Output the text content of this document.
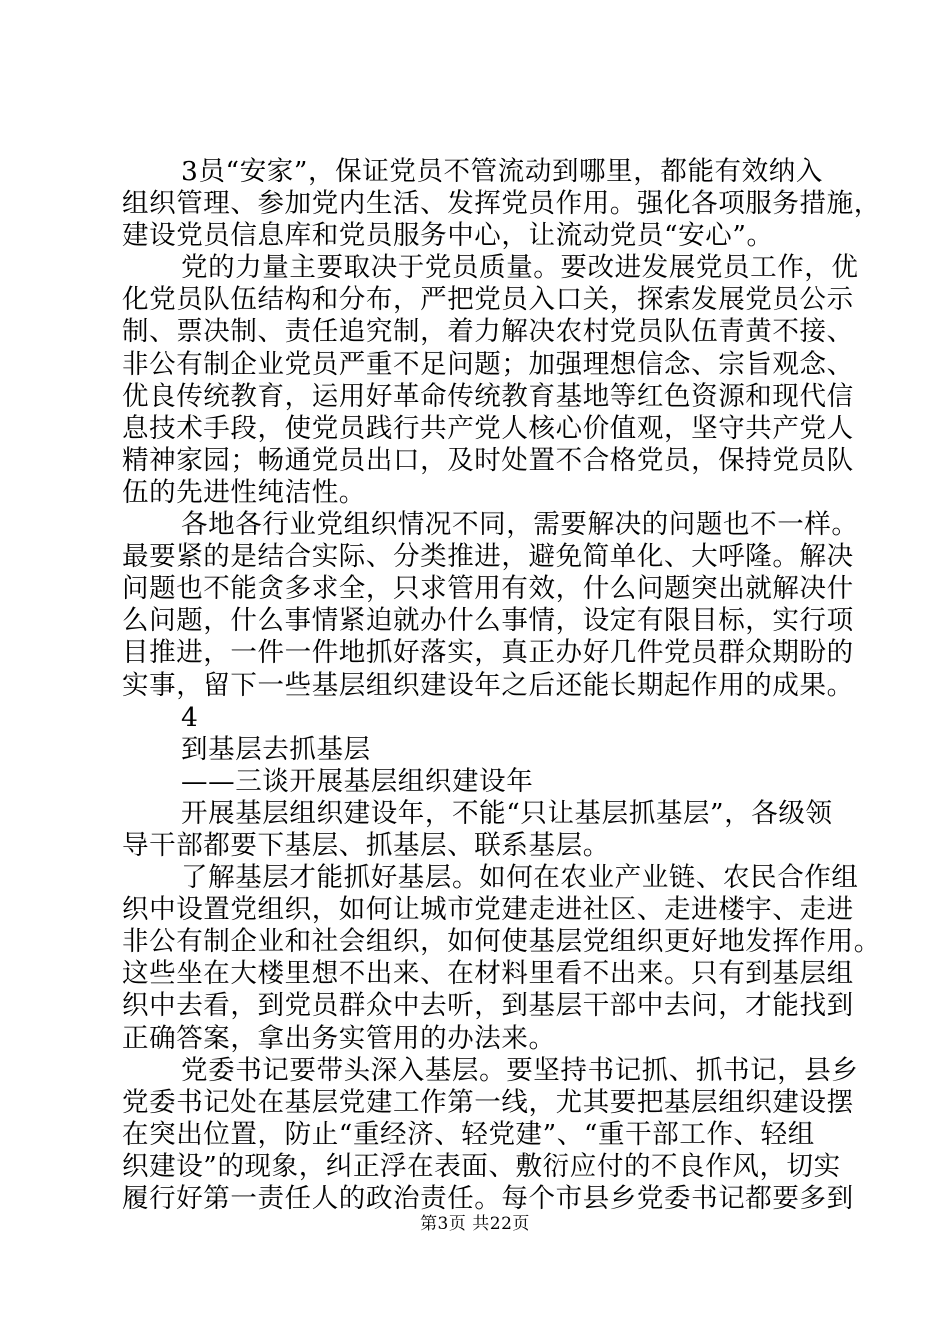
3员“安家”，保证党员不管流动到哪里，都能有效纳入
组织管理、参加党内生活、发挥党员作用。强化各项服务措施，
建设党员信息库和党员服务中心，让流动党员“安心”。
党的力量主要取决于党员质量。要改进发展党员工作，优
化党员队伍结构和分布，严把党员入口关，探索发展党员公示
制、票决制、责任追究制，着力解决农村党员队伍青黄不接、
非公有制企业党员严重不足问题；加强理想信念、宗旨观念、
优良传统教育，运用好革命传统教育基地等红色资源和现代信
息技术手段，使党员践行共产党人核心价值观，坚守共产党人
精神家园；畅通党员出口，及时处置不合格党员，保持党员队
伍的先进性纯洁性。
各地各行业党组织情况不同，需要解决的问题也不一样。
最要紧的是结合实际、分类推进，避免简单化、大呼隆。解决
问题也不能贪多求全，只求管用有效，什么问题突出就解决什
么问题，什么事情紧迫就办什么事情，设定有限目标，实行项
目推进，一件一件地抓好落实，真正办好几件党员群众期盼的
实事，留下一些基层组织建设年之后还能长期起作用的成果。
4
到基层去抓基层
——三谈开展基层组织建设年
开展基层组织建设年，不能“只让基层抓基层”，各级领
导干部都要下基层、抓基层、联系基层。
了解基层才能抓好基层。如何在农业产业链、农民合作组
织中设置党组织，如何让城市党建走进社区、走进楼宇、走进
非公有制企业和社会组织，如何使基层党组织更好地发挥作用。
这些坐在大楼里想不出来、在材料里看不出来。只有到基层组
织中去看，到党员群众中去听，到基层干部中去问，才能找到
正确答案，拿出务实管用的办法来。
党委书记要带头深入基层。要坚持书记抓、抓书记，县乡
党委书记处在基层党建工作第一线，尤其要把基层组织建设摆
在突出位置，防止“重经济、轻党建”、“重干部工作、轻组
织建设”的现象，纠正浮在表面、敷衍应付的不良作风，切实
履行好第一责任人的政治责任。每个市县乡党委书记都要多到
第3页 共22页
